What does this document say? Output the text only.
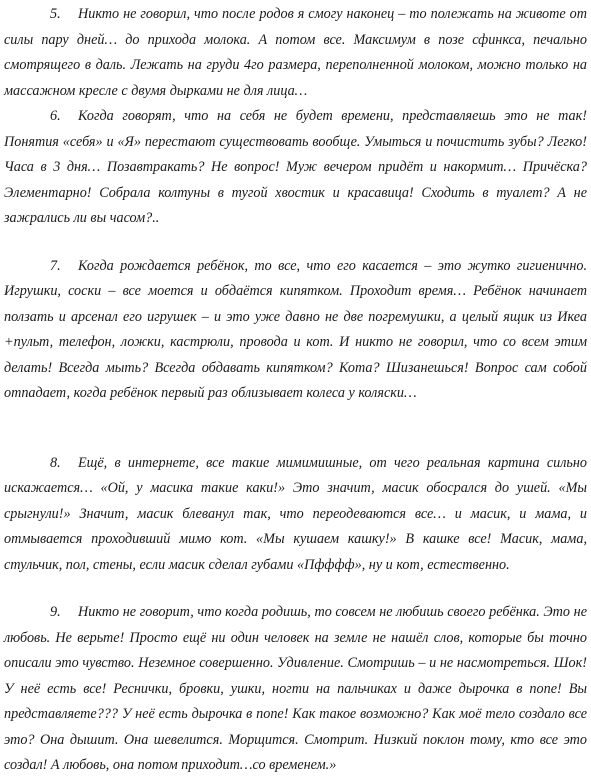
5. Никто не говорил, что после родов я смогу наконец – то полежать на животе от силы пару дней… до прихода молока. А потом все. Максимум в позе сфинкса, печально смотрящего в даль. Лежать на груди 4го размера, переполненной молоком, можно только на массажном кресле с двумя дырками не для лица…

6. Когда говорят, что на себя не будет времени, представляешь это не так! Понятия «себя» и «Я» перестают существовать вообще. Умыться и почистить зубы? Легко! Часа в 3 дня… Позавтракать? Не вопрос! Муж вечером придёт и накормит… Причёска? Элементарно! Собрала колтуны в тугой хвостик и красавица! Сходить в туалет? А не зажрались ли вы часом?..

7. Когда рождается ребёнок, то все, что его касается – это жутко гигиенично. Игрушки, соски – все моется и обдаётся кипятком. Проходит время… Ребёнок начинает ползать и арсенал его игрушек – и это уже давно не две погремушки, а целый ящик из Икеа +пульт, телефон, ложки, кастрюли, провода и кот. И никто не говорил, что со всем этим делать! Всегда мыть? Всегда обдавать кипятком? Кота? Шизанешься! Вопрос сам собой отпадает, когда ребёнок первый раз облизывает колеса у коляски…

8. Ещё, в интернете, все такие мимимишные, от чего реальная картина сильно искажается… «Ой, у масика такие каки!» Это значит, масик обосрался до ушей. «Мы срыгнули!» Значит, масик блеванул так, что переодеваются все… и масик, и мама, и отмывается проходивший мимо кот. «Мы кушаем кашку!» В кашке все! Масик, мама, стульчик, пол, стены, если масик сделал губами «Пфффф», ну и кот, естественно.

9. Никто не говорит, что когда родишь, то совсем не любишь своего ребёнка. Это не любовь. Не верьте! Просто ещё ни один человек на земле не нашёл слов, которые бы точно описали это чувство. Неземное совершенно. Удивление. Смотришь – и не насмотреться. Шок! У неё есть все! Реснички, бровки, ушки, ногти на пальчиках и даже дырочка в попе! Вы представляете??? У неё есть дырочка в попе! Как такое возможно? Как моё тело создало все это? Она дышит. Она шевелится. Морщится. Смотрит. Низкий поклон тому, кто все это создал! А любовь, она потом приходит…со временем.»
